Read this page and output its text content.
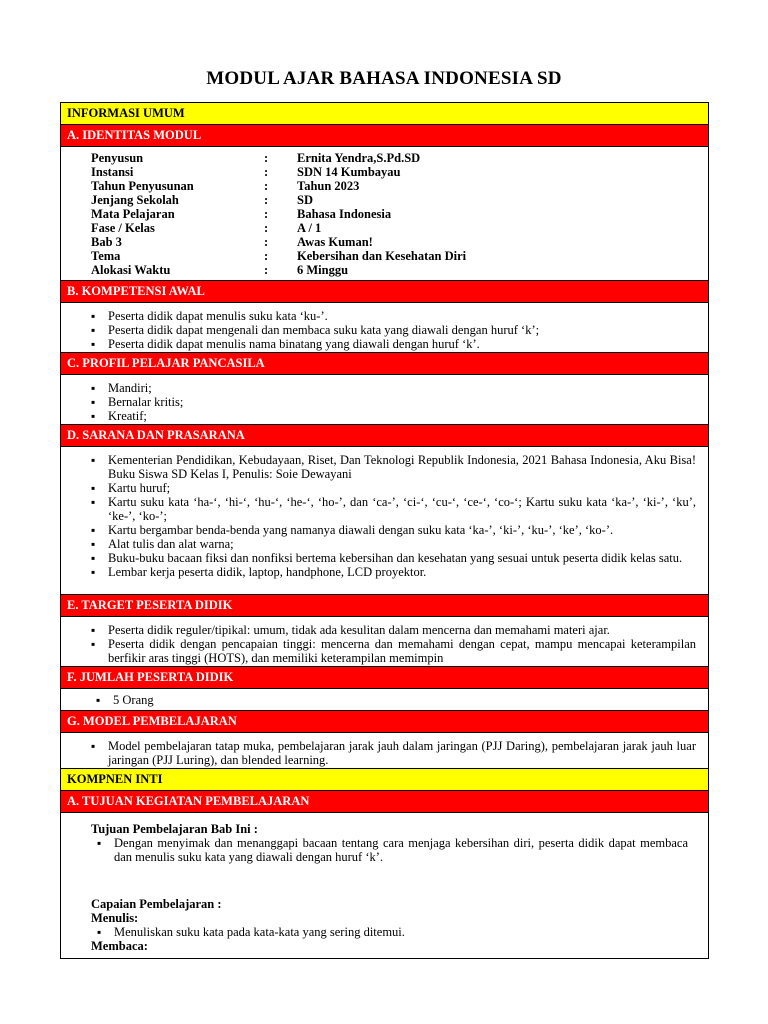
MODUL AJAR BAHASA INDONESIA SD
INFORMASI UMUM
A. IDENTITAS MODUL
Penyusun	:	Ernita Yendra,S.Pd.SD
Instansi	:	SDN 14 Kumbayau
Tahun Penyusunan	:	Tahun 2023
Jenjang Sekolah	:	SD
Mata Pelajaran	:	Bahasa Indonesia
Fase / Kelas	:	A / 1
Bab 3	:	Awas Kuman!
Tema	:	Kebersihan dan Kesehatan Diri
Alokasi Waktu	:	6 Minggu
B. KOMPETENSI AWAL
▪ Peserta didik dapat menulis suku kata ‘ku-’.
▪ Peserta didik dapat mengenali dan membaca suku kata yang diawali dengan huruf ‘k’;
▪ Peserta didik dapat menulis nama binatang yang diawali dengan huruf ‘k’.
C. PROFIL PELAJAR PANCASILA
▪ Mandiri;
▪ Bernalar kritis;
▪ Kreatif;
D. SARANA DAN PRASARANA
▪ Kementerian Pendidikan, Kebudayaan, Riset, Dan Teknologi Republik Indonesia, 2021 Bahasa Indonesia, Aku Bisa! Buku Siswa SD Kelas I, Penulis: Soie Dewayani
▪ Kartu huruf;
▪ Kartu suku kata ‘ha-‘, ‘hi-‘, ‘hu-‘, ‘he-‘, ‘ho-’, dan ‘ca-’, ‘ci-‘, ‘cu-‘, ‘ce-‘, ‘co-‘; Kartu suku kata ‘ka-’, ‘ki-’, ‘ku’, ‘ke-’, ‘ko-’;
▪ Kartu bergambar benda-benda yang namanya diawali dengan suku kata ‘ka-’, ‘ki-’, ‘ku-’, ‘ke’, ‘ko-’.
▪ Alat tulis dan alat warna;
▪ Buku-buku bacaan fiksi dan nonfiksi bertema kebersihan dan kesehatan yang sesuai untuk peserta didik kelas satu.
▪ Lembar kerja peserta didik, laptop, handphone, LCD proyektor.
E. TARGET PESERTA DIDIK
▪ Peserta didik reguler/tipikal: umum, tidak ada kesulitan dalam mencerna dan memahami materi ajar.
▪ Peserta didik dengan pencapaian tinggi: mencerna dan memahami dengan cepat, mampu mencapai keterampilan berfikir aras tinggi (HOTS), dan memiliki keterampilan memimpin
F. JUMLAH PESERTA DIDIK
▪ 5 Orang
G. MODEL PEMBELAJARAN
▪ Model pembelajaran tatap muka, pembelajaran jarak jauh dalam jaringan (PJJ Daring), pembelajaran jarak jauh luar jaringan (PJJ Luring), dan blended learning.
KOMPNEN INTI
A. TUJUAN KEGIATAN PEMBELAJARAN
Tujuan Pembelajaran Bab Ini :
▪ Dengan menyimak dan menanggapi bacaan tentang cara menjaga kebersihan diri, peserta didik dapat membaca dan menulis suku kata yang diawali dengan huruf ‘k’.
Capaian Pembelajaran :
Menulis:
▪ Menuliskan suku kata pada kata-kata yang sering ditemui.
Membaca:
